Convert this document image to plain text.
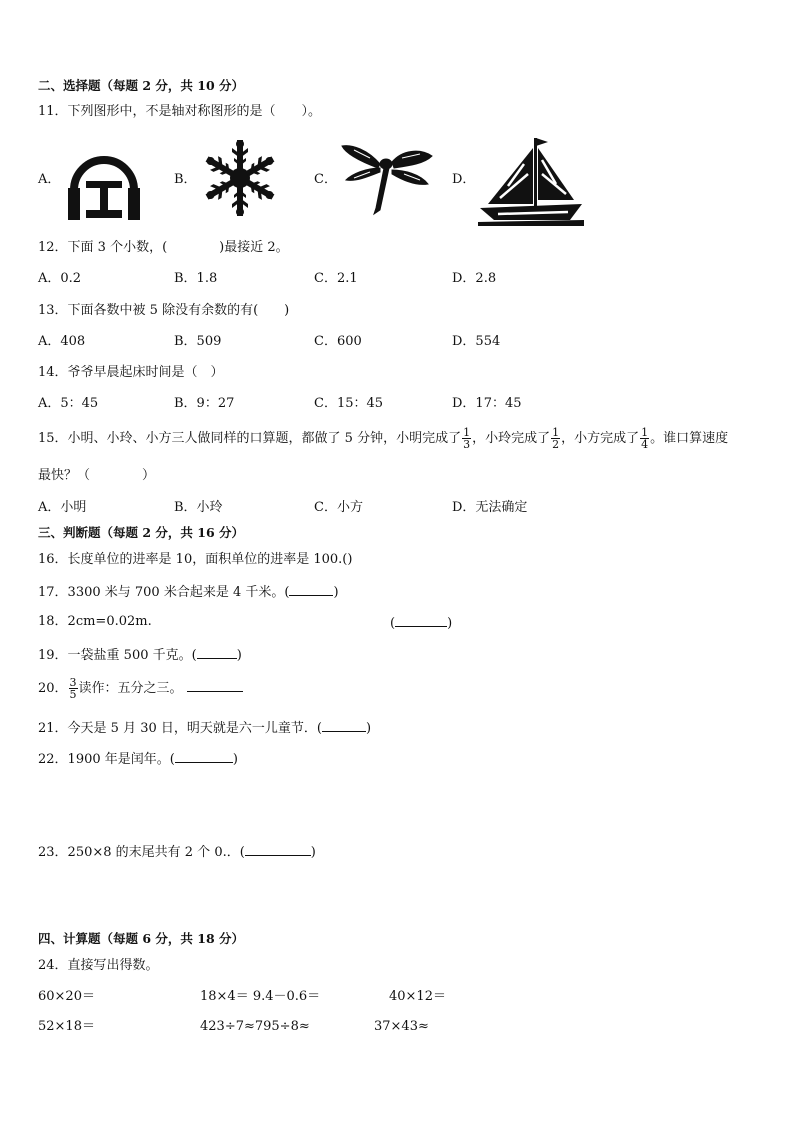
二、选择题（每题 2 分，共 10 分）
11．下列图形中，不是轴对称图形的是（　　）。
A．	B．	C．	D．
12．下面 3 个小数，(　　　　)最接近 2。
A．0.2	B．1.8	C．2.1	D．2.8
13．下面各数中被 5 除没有余数的有(　　)
A．408	B．509	C．600	D．554
14．爷爷早晨起床时间是（　）
A．5：45	B．9：27	C．15：45	D．17：45
15．小明、小玲、小方三人做同样的口算题，都做了 5 分钟，小明完成了 $\frac{1}{3}$ ，小玲完成了 $\frac{1}{2}$ ，小方完成了 $\frac{1}{4}$ 。谁口算速度
最快？（　　　　）
A．小明	B．小玲	C．小方	D．无法确定
三、判断题（每题 2 分，共 16 分）
16．长度单位的进率是 10，面积单位的进率是 100.()
17．3300 米与 700 米合起来是 4 千米。(	)
18．2cm=0.02m.	(	)
19．一袋盐重 500 千克。(	)
20． $\frac{3}{5}$ 读作：五分之三。
21．今天是 5 月 30 日，明天就是六一儿童节．(	)
22．1900 年是闰年。(	)
23．250×8 的末尾共有 2 个 0.．(	)
四、计算题（每题 6 分，共 18 分）
24．直接写出得数。
60×20＝	18×4＝ 9.4－0.6＝	40×12＝
52×18＝	423÷7≈795÷8≈	37×43≈
